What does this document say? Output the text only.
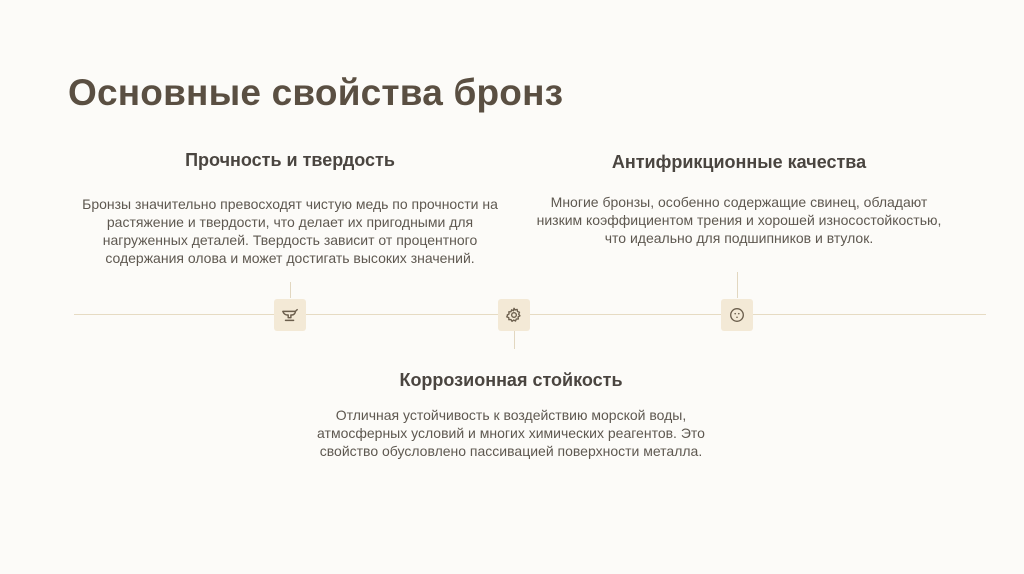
Основные свойства бронз
Прочность и твердость

Бронзы значительно превосходят чистую медь по прочности на растяжение и твердости, что делает их пригодными для нагруженных деталей. Твердость зависит от процентного содержания олова и может достигать высоких значений.

Коррозионная стойкость

Отличная устойчивость к воздействию морской воды, атмосферных условий и многих химических реагентов. Это свойство обусловлено пассивацией поверхности металла.

Антифрикционные качества

Многие бронзы, особенно содержащие свинец, обладают низким коэффициентом трения и хорошей износостойкостью, что идеально для подшипников и втулок.
